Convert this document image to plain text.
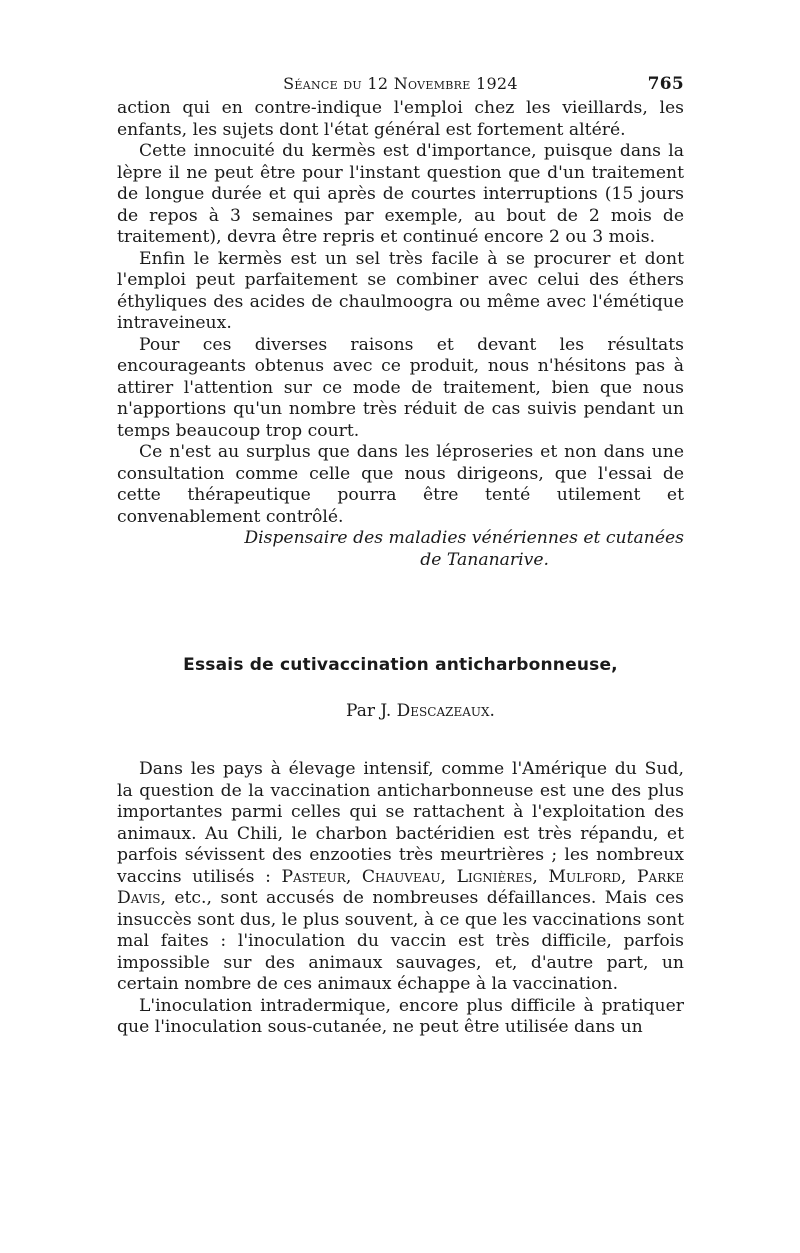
Séance du 12 Novembre 1924	765

action qui en contre-indique l'emploi chez les vieillards, les enfants, les sujets dont l'état général est fortement altéré.

Cette innocuité du kermès est d'importance, puisque dans la lèpre il ne peut être pour l'instant question que d'un traitement de longue durée et qui après de courtes interruptions (15 jours de repos à 3 semaines par exemple, au bout de 2 mois de traitement), devra être repris et continué encore 2 ou 3 mois.

Enfin le kermès est un sel très facile à se procurer et dont l'emploi peut parfaitement se combiner avec celui des éthers éthyliques des acides de chaulmoogra ou même avec l'émétique intraveineux.

Pour ces diverses raisons et devant les résultats encourageants obtenus avec ce produit, nous n'hésitons pas à attirer l'attention sur ce mode de traitement, bien que nous n'apportions qu'un nombre très réduit de cas suivis pendant un temps beaucoup trop court.

Ce n'est au surplus que dans les léproseries et non dans une consultation comme celle que nous dirigeons, que l'essai de cette thérapeutique pourra être tenté utilement et convenablement contrôlé.

Dispensaire des maladies vénériennes et cutanées

de Tananarive.

Essais de cutivaccination anticharbonneuse,
Par J. Descazeaux.

Dans les pays à élevage intensif, comme l'Amérique du Sud, la question de la vaccination anticharbonneuse est une des plus importantes parmi celles qui se rattachent à l'exploitation des animaux. Au Chili, le charbon bactéridien est très répandu, et parfois sévissent des enzooties très meurtrières ; les nombreux vaccins utilisés : Pasteur, Chauveau, Lignières, Mulford, Parke Davis, etc., sont accusés de nombreuses défaillances. Mais ces insuccès sont dus, le plus souvent, à ce que les vaccinations sont mal faites : l'inoculation du vaccin est très difficile, parfois impossible sur des animaux sauvages, et, d'autre part, un certain nombre de ces animaux échappe à la vaccination.

L'inoculation intradermique, encore plus difficile à pratiquer que l'inoculation sous-cutanée, ne peut être utilisée dans un
